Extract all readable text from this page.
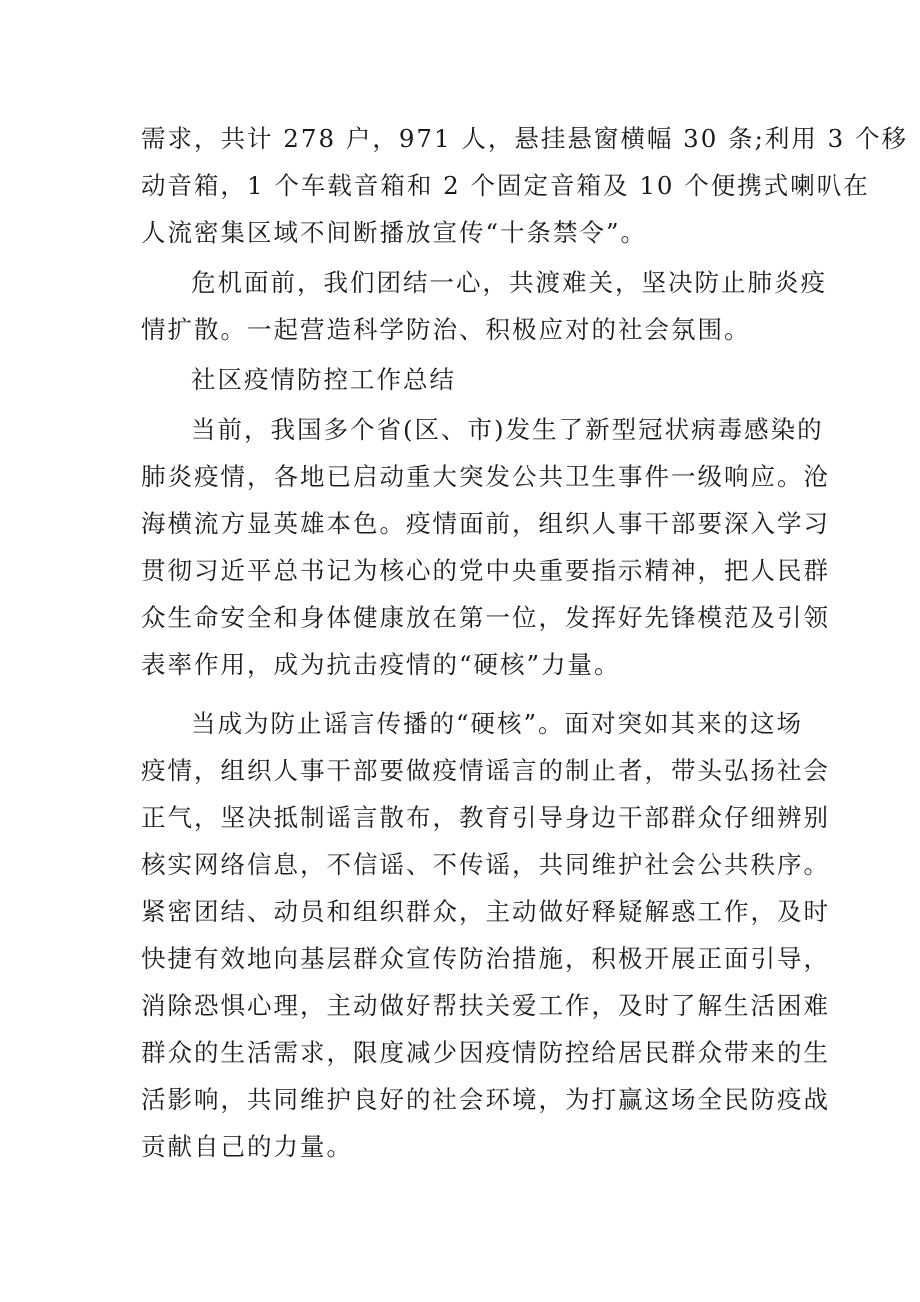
需求，共计 278 户，971 人，悬挂悬窗横幅 30 条;利用 3 个移
动音箱，1 个车载音箱和 2 个固定音箱及 10 个便携式喇叭在
人流密集区域不间断播放宣传“十条禁令”。
危机面前，我们团结一心，共渡难关，坚决防止肺炎疫
情扩散。一起营造科学防治、积极应对的社会氛围。
社区疫情防控工作总结
当前，我国多个省(区、市)发生了新型冠状病毒感染的
肺炎疫情，各地已启动重大突发公共卫生事件一级响应。沧
海横流方显英雄本色。疫情面前，组织人事干部要深入学习
贯彻习近平总书记为核心的党中央重要指示精神，把人民群
众生命安全和身体健康放在第一位，发挥好先锋模范及引领
表率作用，成为抗击疫情的“硬核”力量。
当成为防止谣言传播的“硬核”。面对突如其来的这场
疫情，组织人事干部要做疫情谣言的制止者，带头弘扬社会
正气，坚决抵制谣言散布，教育引导身边干部群众仔细辨别
核实网络信息，不信谣、不传谣，共同维护社会公共秩序。
紧密团结、动员和组织群众，主动做好释疑解惑工作，及时
快捷有效地向基层群众宣传防治措施，积极开展正面引导，
消除恐惧心理，主动做好帮扶关爱工作，及时了解生活困难
群众的生活需求，限度减少因疫情防控给居民群众带来的生
活影响，共同维护良好的社会环境，为打赢这场全民防疫战
贡献自己的力量。
